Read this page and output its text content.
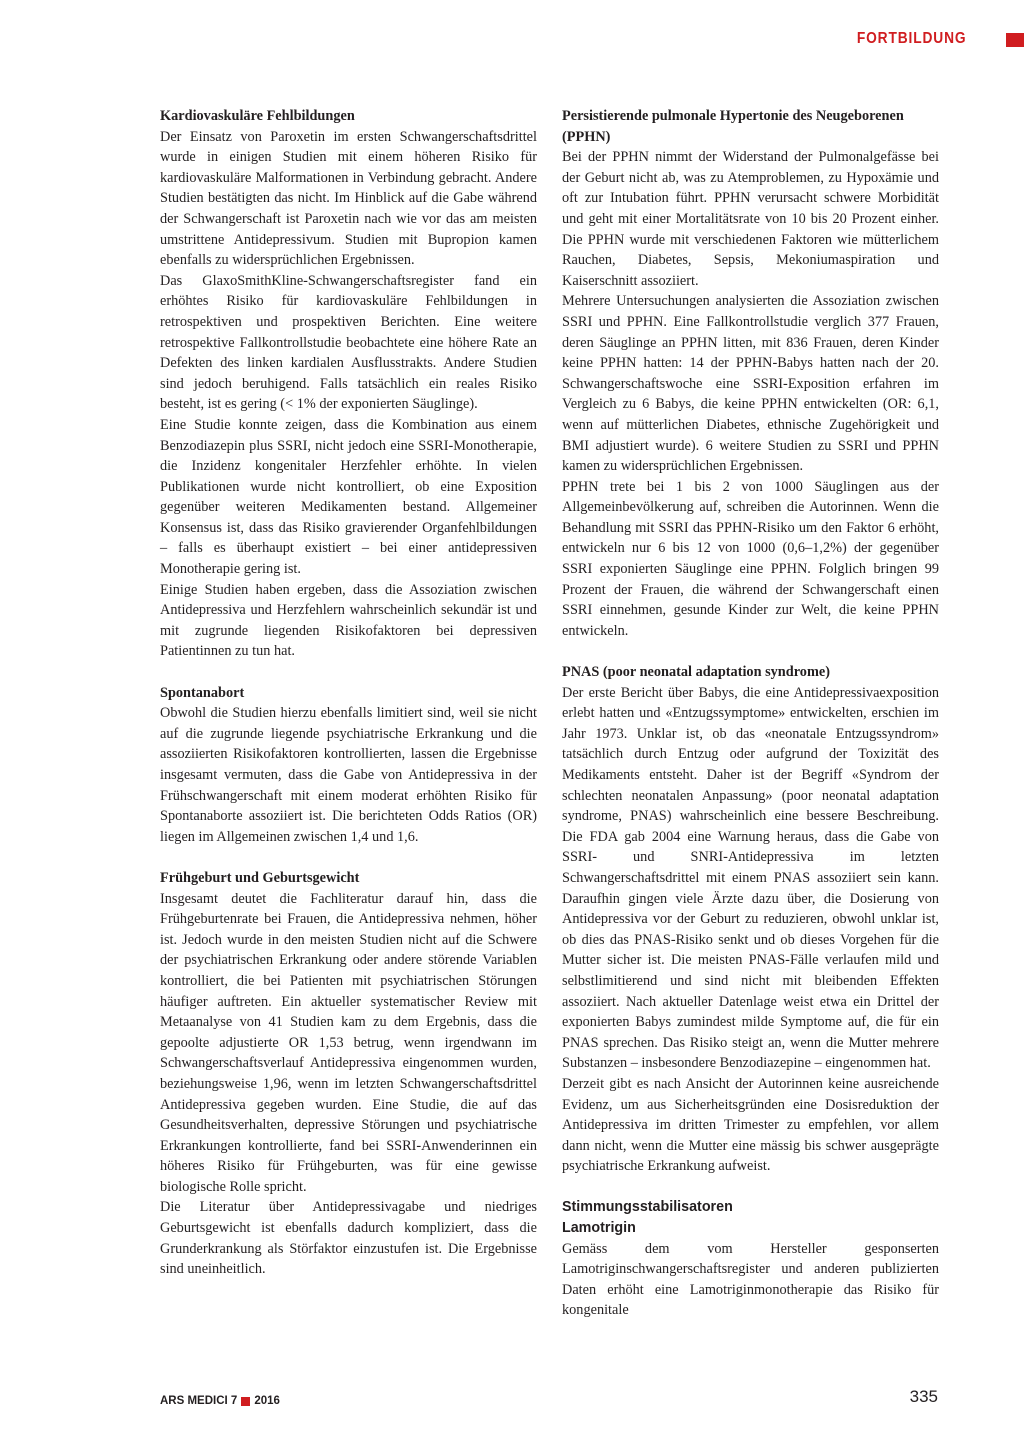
FORTBILDUNG
Kardiovaskuläre Fehlbildungen

Der Einsatz von Paroxetin im ersten Schwangerschaftsdrittel wurde in einigen Studien mit einem höheren Risiko für kardiovaskuläre Malformationen in Verbindung gebracht. Andere Studien bestätigten das nicht. Im Hinblick auf die Gabe während der Schwangerschaft ist Paroxetin nach wie vor das am meisten umstrittene Antidepressivum. Studien mit Bupropion kamen ebenfalls zu widersprüchlichen Ergebnissen.

Das GlaxoSmithKline-Schwangerschaftsregister fand ein erhöhtes Risiko für kardiovaskuläre Fehlbildungen in retrospektiven und prospektiven Berichten. Eine weitere retrospektive Fallkontrollstudie beobachtete eine höhere Rate an Defekten des linken kardialen Ausflusstrakts. Andere Studien sind jedoch beruhigend. Falls tatsächlich ein reales Risiko besteht, ist es gering (< 1% der exponierten Säuglinge).

Eine Studie konnte zeigen, dass die Kombination aus einem Benzodiazepin plus SSRI, nicht jedoch eine SSRI-Monotherapie, die Inzidenz kongenitaler Herzfehler erhöhte. In vielen Publikationen wurde nicht kontrolliert, ob eine Exposition gegenüber weiteren Medikamenten bestand. Allgemeiner Konsensus ist, dass das Risiko gravierender Organfehlbildungen – falls es überhaupt existiert – bei einer antidepressiven Monotherapie gering ist.

Einige Studien haben ergeben, dass die Assoziation zwischen Antidepressiva und Herzfehlern wahrscheinlich sekundär ist und mit zugrunde liegenden Risikofaktoren bei depressiven Patientinnen zu tun hat.

Spontanabort

Obwohl die Studien hierzu ebenfalls limitiert sind, weil sie nicht auf die zugrunde liegende psychiatrische Erkrankung und die assoziierten Risikofaktoren kontrollierten, lassen die Ergebnisse insgesamt vermuten, dass die Gabe von Antidepressiva in der Frühschwangerschaft mit einem moderat erhöhten Risiko für Spontanaborte assoziiert ist. Die berichteten Odds Ratios (OR) liegen im Allgemeinen zwischen 1,4 und 1,6.

Frühgeburt und Geburtsgewicht

Insgesamt deutet die Fachliteratur darauf hin, dass die Frühgeburtenrate bei Frauen, die Antidepressiva nehmen, höher ist. Jedoch wurde in den meisten Studien nicht auf die Schwere der psychiatrischen Erkrankung oder andere störende Variablen kontrolliert, die bei Patienten mit psychiatrischen Störungen häufiger auftreten. Ein aktueller systematischer Review mit Metaanalyse von 41 Studien kam zu dem Ergebnis, dass die gepoolte adjustierte OR 1,53 betrug, wenn irgendwann im Schwangerschaftsverlauf Antidepressiva eingenommen wurden, beziehungsweise 1,96, wenn im letzten Schwangerschaftsdrittel Antidepressiva gegeben wurden. Eine Studie, die auf das Gesundheitsverhalten, depressive Störungen und psychiatrische Erkrankungen kontrollierte, fand bei SSRI-Anwenderinnen ein höheres Risiko für Frühgeburten, was für eine gewisse biologische Rolle spricht.

Die Literatur über Antidepressivagabe und niedriges Geburtsgewicht ist ebenfalls dadurch kompliziert, dass die Grunderkrankung als Störfaktor einzustufen ist. Die Ergebnisse sind uneinheitlich.

Persistierende pulmonale Hypertonie des Neugeborenen (PPHN)

Bei der PPHN nimmt der Widerstand der Pulmonalgefässe bei der Geburt nicht ab, was zu Atemproblemen, zu Hypoxämie und oft zur Intubation führt. PPHN verursacht schwere Morbidität und geht mit einer Mortalitätsrate von 10 bis 20 Prozent einher. Die PPHN wurde mit verschiedenen Faktoren wie mütterlichem Rauchen, Diabetes, Sepsis, Mekoniumaspiration und Kaiserschnitt assoziiert.

Mehrere Untersuchungen analysierten die Assoziation zwischen SSRI und PPHN. Eine Fallkontrollstudie verglich 377 Frauen, deren Säuglinge an PPHN litten, mit 836 Frauen, deren Kinder keine PPHN hatten: 14 der PPHN-Babys hatten nach der 20. Schwangerschaftswoche eine SSRI-Exposition erfahren im Vergleich zu 6 Babys, die keine PPHN entwickelten (OR: 6,1, wenn auf mütterlichen Diabetes, ethnische Zugehörigkeit und BMI adjustiert wurde). 6 weitere Studien zu SSRI und PPHN kamen zu widersprüchlichen Ergebnissen.

PPHN trete bei 1 bis 2 von 1000 Säuglingen aus der Allgemeinbevölkerung auf, schreiben die Autorinnen. Wenn die Behandlung mit SSRI das PPHN-Risiko um den Faktor 6 erhöht, entwickeln nur 6 bis 12 von 1000 (0,6–1,2%) der gegenüber SSRI exponierten Säuglinge eine PPHN. Folglich bringen 99 Prozent der Frauen, die während der Schwangerschaft einen SSRI einnehmen, gesunde Kinder zur Welt, die keine PPHN entwickeln.

PNAS (poor neonatal adaptation syndrome)

Der erste Bericht über Babys, die eine Antidepressivaexposition erlebt hatten und «Entzugssymptome» entwickelten, erschien im Jahr 1973. Unklar ist, ob das «neonatale Entzugssyndrom» tatsächlich durch Entzug oder aufgrund der Toxizität des Medikaments entsteht. Daher ist der Begriff «Syndrom der schlechten neonatalen Anpassung» (poor neonatal adaptation syndrome, PNAS) wahrscheinlich eine bessere Beschreibung. Die FDA gab 2004 eine Warnung heraus, dass die Gabe von SSRI- und SNRI-Antidepressiva im letzten Schwangerschaftsdrittel mit einem PNAS assoziiert sein kann. Daraufhin gingen viele Ärzte dazu über, die Dosierung von Antidepressiva vor der Geburt zu reduzieren, obwohl unklar ist, ob dies das PNAS-Risiko senkt und ob dieses Vorgehen für die Mutter sicher ist. Die meisten PNAS-Fälle verlaufen mild und selbstlimitierend und sind nicht mit bleibenden Effekten assoziiert. Nach aktueller Datenlage weist etwa ein Drittel der exponierten Babys zumindest milde Symptome auf, die für ein PNAS sprechen. Das Risiko steigt an, wenn die Mutter mehrere Substanzen – insbesondere Benzodiazepine – eingenommen hat.

Derzeit gibt es nach Ansicht der Autorinnen keine ausreichende Evidenz, um aus Sicherheitsgründen eine Dosisreduktion der Antidepressiva im dritten Trimester zu empfehlen, vor allem dann nicht, wenn die Mutter eine mässig bis schwer ausgeprägte psychiatrische Erkrankung aufweist.

Stimmungsstabilisatoren
Lamotrigin

Gemäss dem vom Hersteller gesponserten Lamotriginschwangerschaftsregister und anderen publizierten Daten erhöht eine Lamotriginmonotherapie das Risiko für kongenitale

ARS MEDICI 7 2016	335
